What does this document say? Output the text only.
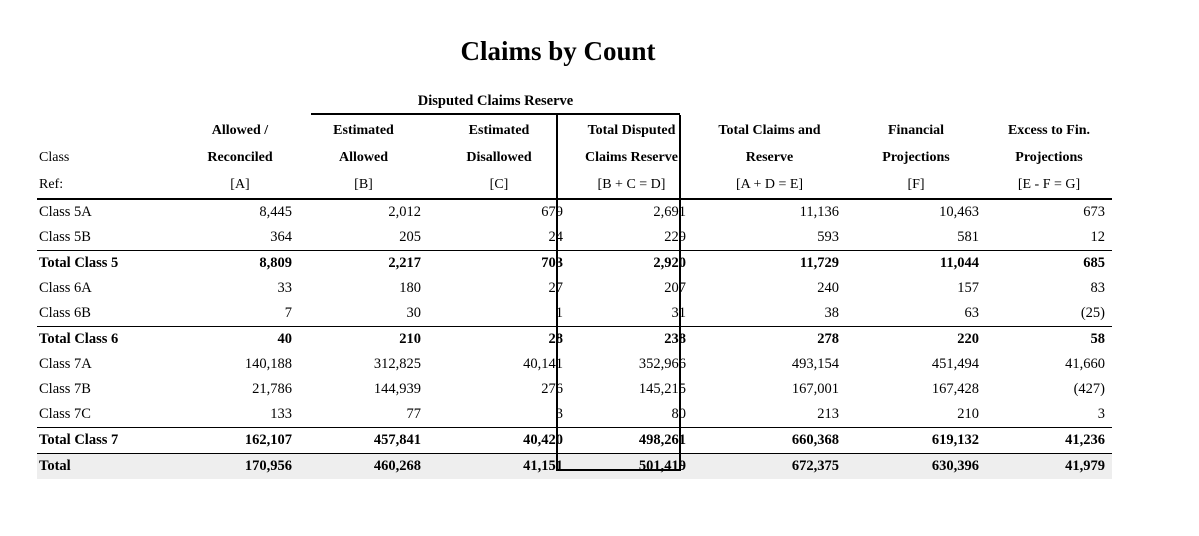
Claims by Count
Disputed Claims Reserve
	Allowed /	Estimated	Estimated	Total Disputed	Total Claims and	Financial	Excess to Fin.
Class	Reconciled	Allowed	Disallowed	Claims Reserve	Reserve	Projections	Projections
Ref:	[A]	[B]	[C]	[B + C = D]	[A + D = E]	[F]	[E - F = G]
Class 5A	8,445	2,012	679	2,691	11,136	10,463	673
Class 5B	364	205	24	229	593	581	12
Total Class 5	8,809	2,217	703	2,920	11,729	11,044	685
Class 6A	33	180	27	207	240	157	83
Class 6B	7	30	1	31	38	63	(25)
Total Class 6	40	210	28	238	278	220	58
Class 7A	140,188	312,825	40,141	352,966	493,154	451,494	41,660
Class 7B	21,786	144,939	276	145,215	167,001	167,428	(427)
Class 7C	133	77	3	80	213	210	3
Total Class 7	162,107	457,841	40,420	498,261	660,368	619,132	41,236
Total	170,956	460,268	41,151	501,419	672,375	630,396	41,979
